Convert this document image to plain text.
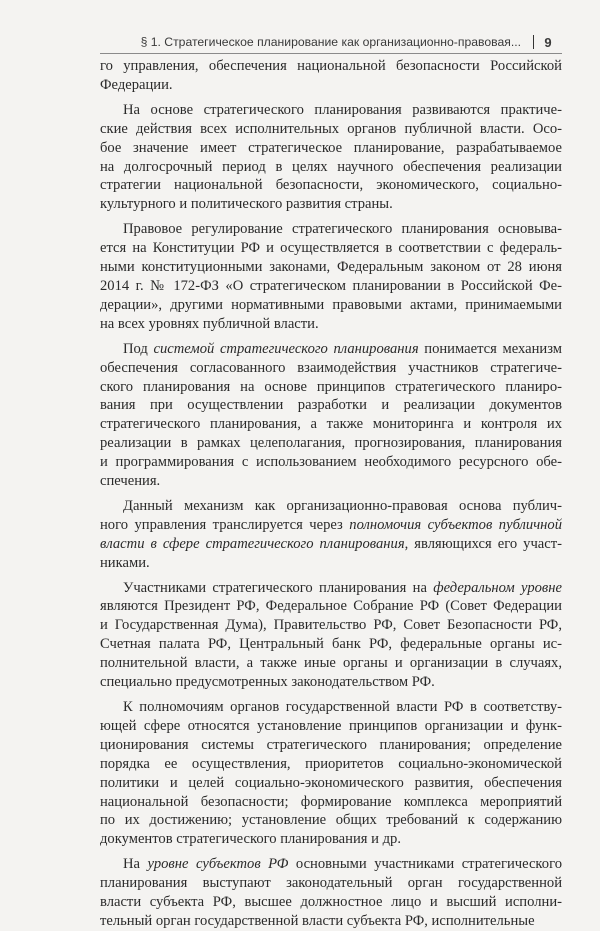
§ 1. Стратегическое планирование как организационно-правовая...	9

го управления, обеспечения национальной безопасности Российской

Федерации.

На основе стратегического планирования развиваются практиче-

ские действия всех исполнительных органов публичной власти. Осо-

бое значение имеет стратегическое планирование, разрабатываемое

на долгосрочный период в целях научного обеспечения реализации

стратегии национальной безопасности, экономического, социально-

культурного и политического развития страны.

Правовое регулирование стратегического планирования основыва-

ется на Конституции РФ и осуществляется в соответствии с федераль-

ными конституционными законами, Федеральным законом от 28 июня

2014 г. № 172-ФЗ «О стратегическом планировании в Российской Фе-

дерации», другими нормативными правовыми актами, принимаемыми

на всех уровнях публичной власти.

Под системой стратегического планирования понимается механизм

обеспечения согласованного взаимодействия участников стратегиче-

ского планирования на основе принципов стратегического планиро-

вания при осуществлении разработки и реализации документов

стратегического планирования, а также мониторинга и контроля их

реализации в рамках целеполагания, прогнозирования, планирования

и программирования с использованием необходимого ресурсного обе-

спечения.

Данный механизм как организационно-правовая основа публич-

ного управления транслируется через полномочия субъектов публичной

власти в сфере стратегического планирования, являющихся его участ-

никами.

Участниками стратегического планирования на федеральном уровне

являются Президент РФ, Федеральное Собрание РФ (Совет Федерации

и Государственная Дума), Правительство РФ, Совет Безопасности РФ,

Счетная палата РФ, Центральный банк РФ, федеральные органы ис-

полнительной власти, а также иные органы и организации в случаях,

специально предусмотренных законодательством РФ.

К полномочиям органов государственной власти РФ в соответству-

ющей сфере относятся установление принципов организации и функ-

ционирования системы стратегического планирования; определение

порядка ее осуществления, приоритетов социально-экономической

политики и целей социально-экономического развития, обеспечения

национальной безопасности; формирование комплекса мероприятий

по их достижению; установление общих требований к содержанию

документов стратегического планирования и др.

На уровне субъектов РФ основными участниками стратегического

планирования выступают законодательный орган государственной

власти субъекта РФ, высшее должностное лицо и высший исполни-

тельный орган государственной власти субъекта РФ, исполнительные
